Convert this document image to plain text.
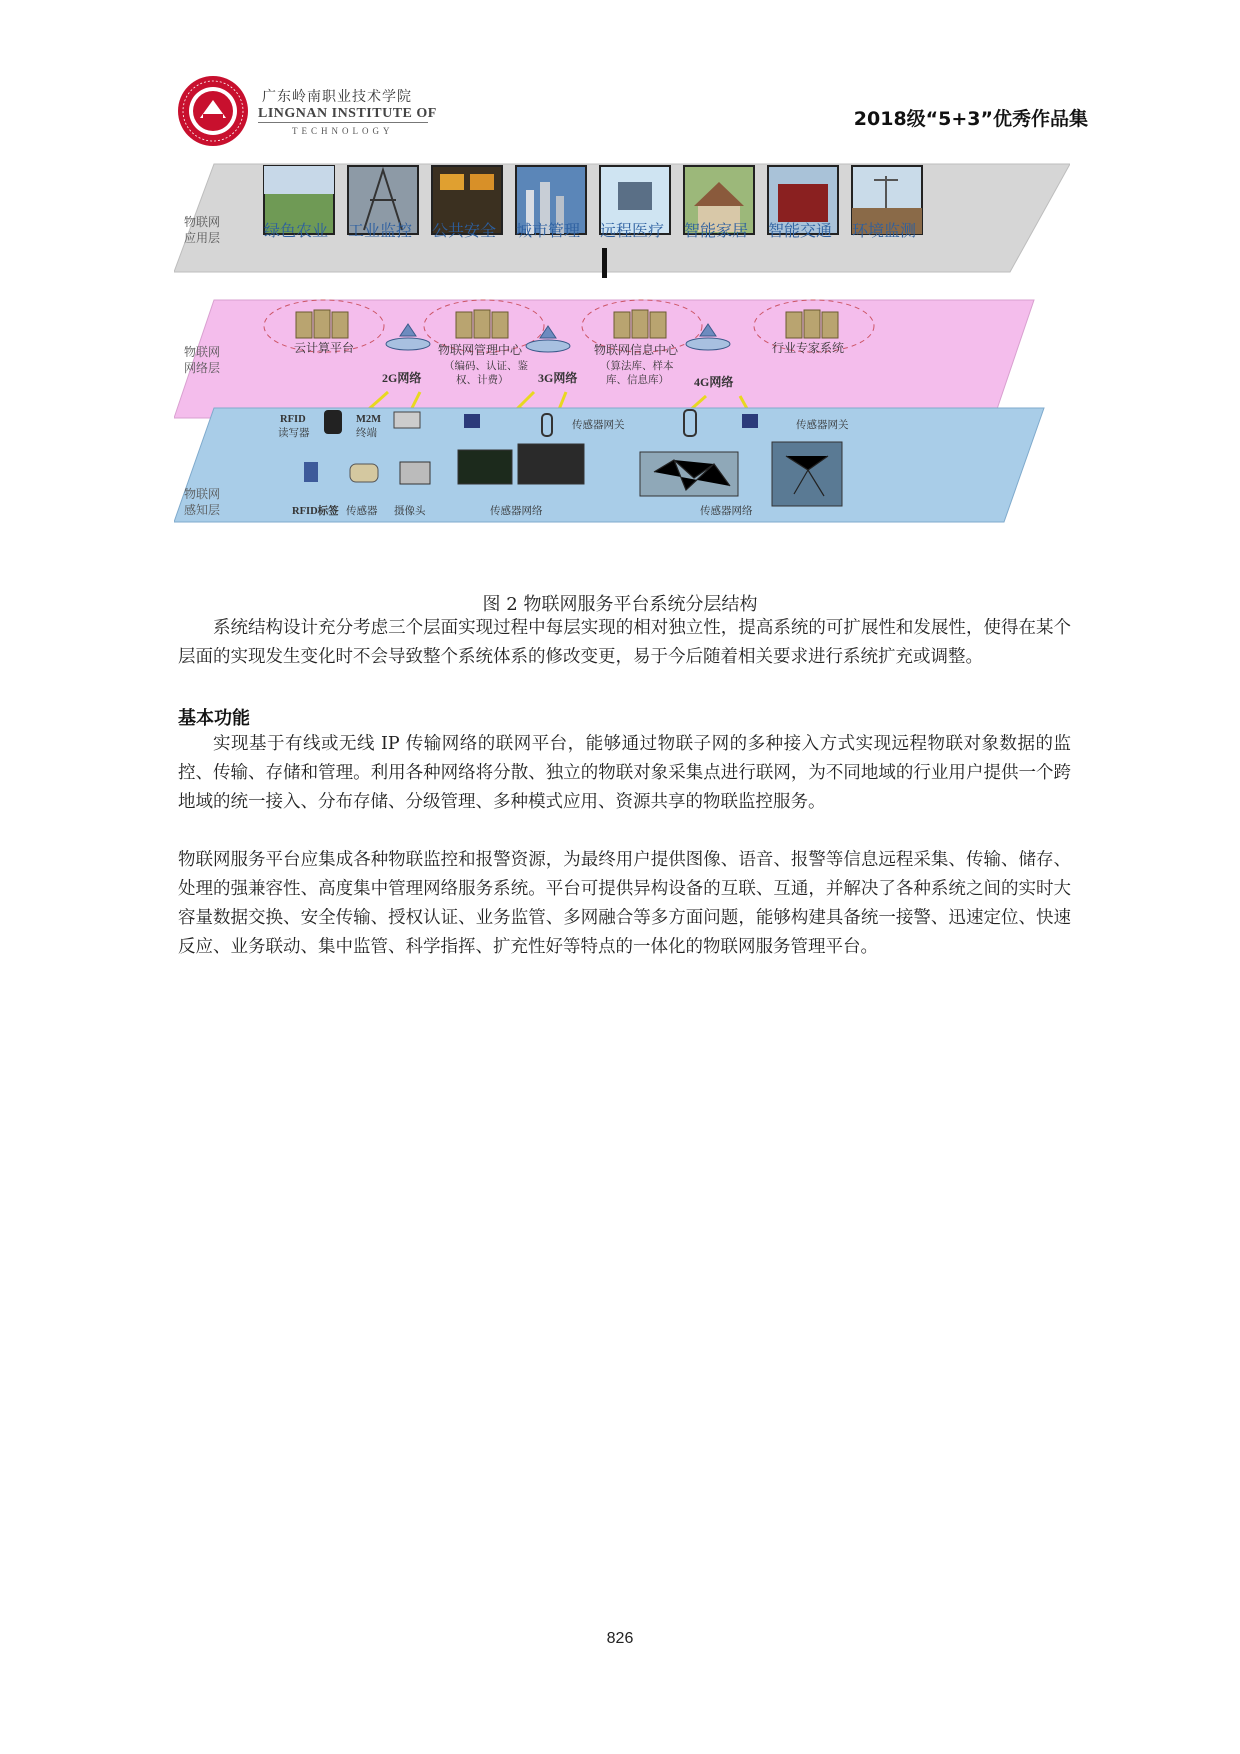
广东岭南职业技术学院
LINGNAN INSTITUTE OF
TECHNOLOGY
2018级“5+3”优秀作品集
物联网
应用层	绿色农业 工业监控 公共安全 城市管理 远程医疗 智能家居 智能交通 环境监测
物联网
网络层
云计算平台	物联网管理中心
（编码、认证、鉴
权、计费）
物联网信息中心
（算法库、样本
库、信息库）
行业专家系统
2G网络	3G网络	4G网络
物联网
感知层
RFID
读写器
M2M
终端
传感器网关	传感器网关
RFID标签 传感器 摄像头	传感器网络	传感器网络
图 2 物联网服务平台系统分层结构

系统结构设计充分考虑三个层面实现过程中每层实现的相对独立性，提高系统的可扩展性和发展性，使得在某个层面的实现发生变化时不会导致整个系统体系的修改变更，易于今后随着相关要求进行系统扩充或调整。

基本功能

实现基于有线或无线 IP 传输网络的联网平台，能够通过物联子网的多种接入方式实现远程物联对象数据的监控、传输、存储和管理。利用各种网络将分散、独立的物联对象采集点进行联网，为不同地域的行业用户提供一个跨地域的统一接入、分布存储、分级管理、多种模式应用、资源共享的物联监控服务。

物联网服务平台应集成各种物联监控和报警资源，为最终用户提供图像、语音、报警等信息远程采集、传输、储存、处理的强兼容性、高度集中管理网络服务系统。平台可提供异构设备的互联、互通，并解决了各种系统之间的实时大容量数据交换、安全传输、授权认证、业务监管、多网融合等多方面问题，能够构建具备统一接警、迅速定位、快速反应、业务联动、集中监管、科学指挥、扩充性好等特点的一体化的物联网服务管理平台。

826
